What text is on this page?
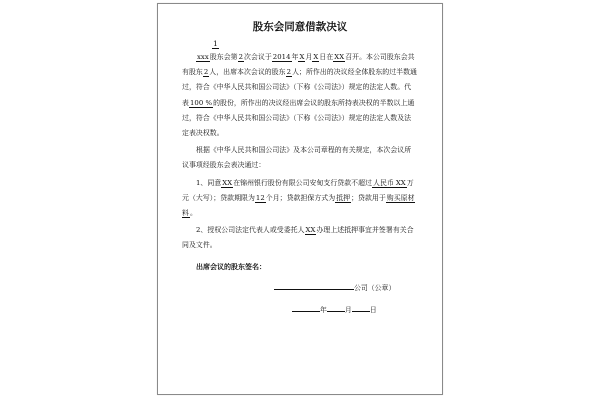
股东会同意借款决议
1
xxx股东会第2次会议于2014年X月X日在XX召开。本公司股东会共有股东2人，出席本次会议的股东2人；所作出的决议经全体股东的过半数通过，符合《中华人民共和国公司法》（下称《公司法》）规定的法定人数。代表100 %的股份，所作出的决议经出席会议的股东所持表决权的半数以上通过，符合《中华人民共和国公司法》（下称《公司法》）规定的法定人数及法定表决权数。
根据《中华人民共和国公司法》及本公司章程的有关规定，本次会议所议事项经股东会表决通过：
1、同意XX在锦州银行股份有限公司安甸支行贷款不超过人民币 XX万元（大写）；贷款期限为12个月；贷款担保方式为抵押；贷款用于购买原材料。
2、授权公司法定代表人或受委托人XX办理上述抵押事宜并签署有关合同及文件。
出席会议的股东签名：
公司（公章）
年	月	日
